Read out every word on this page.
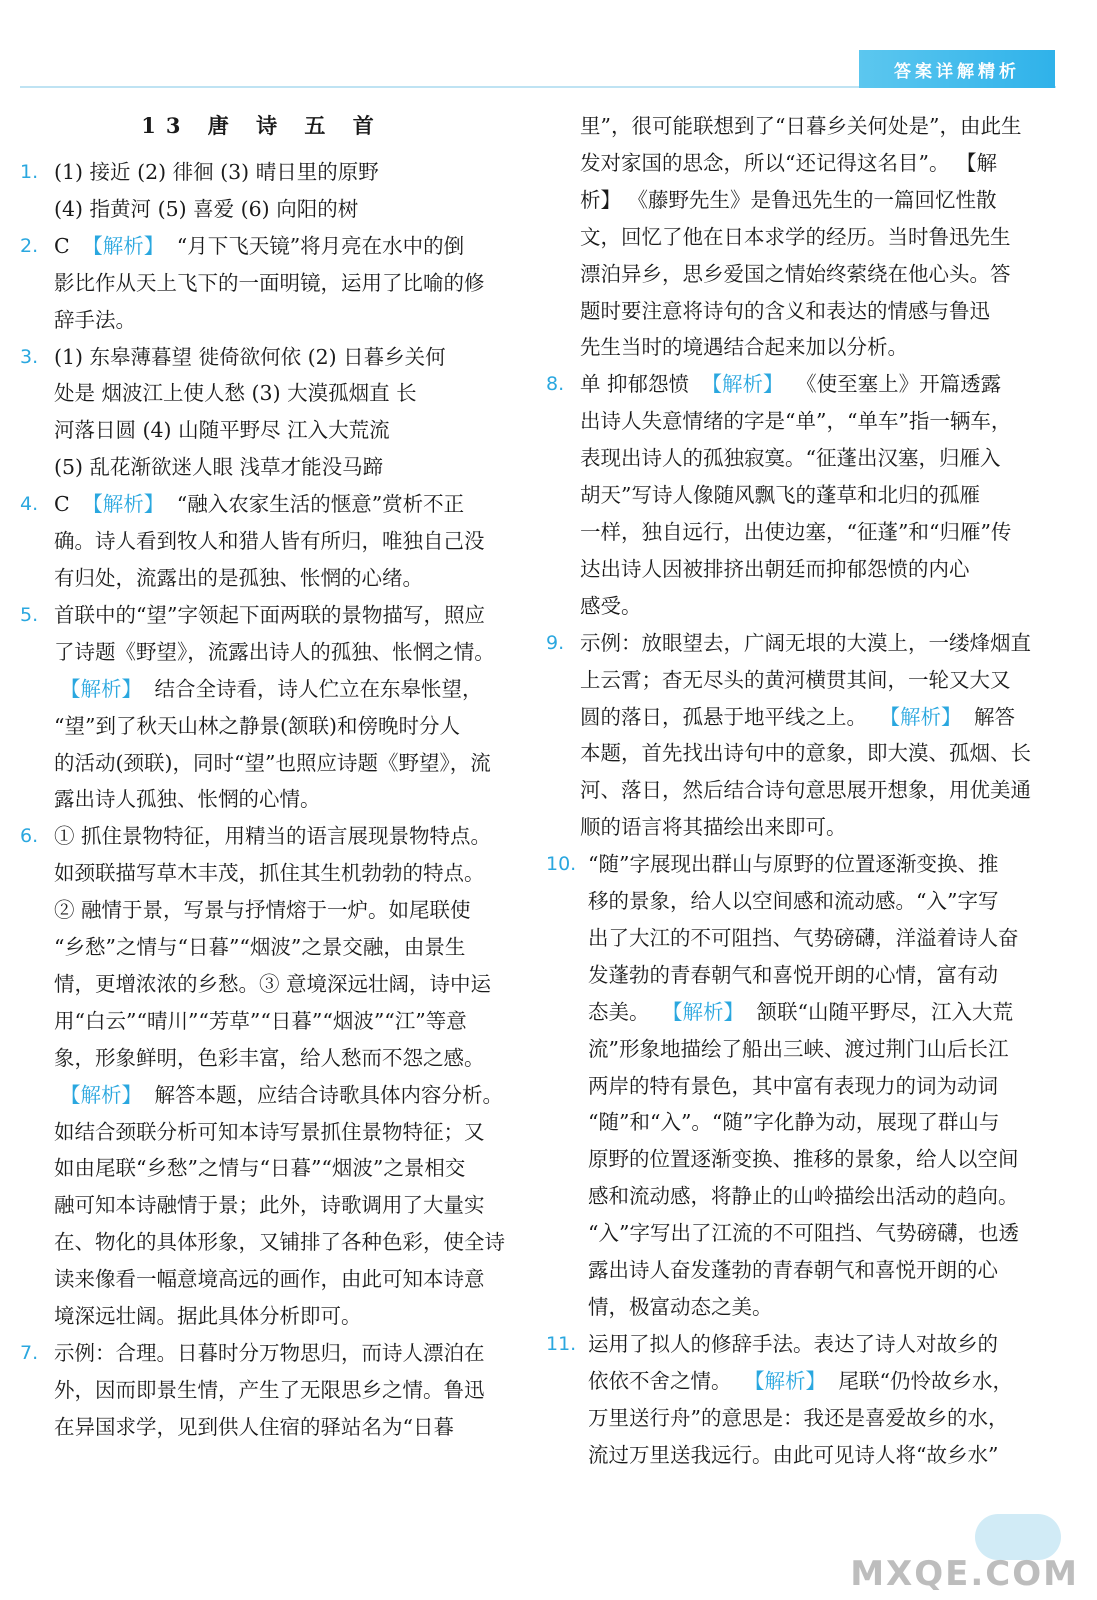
答案详解精析
13 唐 诗 五 首
1. (1) 接近 (2) 徘徊 (3) 晴日里的原野
(4) 指黄河 (5) 喜爱 (6) 向阳的树
2. C 【解析】 “月下飞天镜”将月亮在水中的倒
影比作从天上飞下的一面明镜，运用了比喻的修
辞手法。
3. (1) 东皋薄暮望 徙倚欲何依 (2) 日暮乡关何
处是 烟波江上使人愁 (3) 大漠孤烟直 长
河落日圆 (4) 山随平野尽 江入大荒流
(5) 乱花渐欲迷人眼 浅草才能没马蹄
4. C 【解析】 “融入农家生活的惬意”赏析不正
确。诗人看到牧人和猎人皆有所归，唯独自己没
有归处，流露出的是孤独、怅惘的心绪。
5. 首联中的“望”字领起下面两联的景物描写，照应
了诗题《野望》，流露出诗人的孤独、怅惘之情。
【解析】 结合全诗看，诗人伫立在东皋怅望，
“望”到了秋天山林之静景(颔联)和傍晚时分人
的活动(颈联)，同时“望”也照应诗题《野望》，流
露出诗人孤独、怅惘的心情。
6. ① 抓住景物特征，用精当的语言展现景物特点。
如颈联描写草木丰茂，抓住其生机勃勃的特点。
② 融情于景，写景与抒情熔于一炉。如尾联使
“乡愁”之情与“日暮”“烟波”之景交融，由景生
情，更增浓浓的乡愁。③ 意境深远壮阔，诗中运
用“白云”“晴川”“芳草”“日暮”“烟波”“江”等意
象，形象鲜明，色彩丰富，给人愁而不怨之感。
【解析】 解答本题，应结合诗歌具体内容分析。
如结合颈联分析可知本诗写景抓住景物特征；又
如由尾联“乡愁”之情与“日暮”“烟波”之景相交
融可知本诗融情于景；此外，诗歌调用了大量实
在、物化的具体形象，又铺排了各种色彩，使全诗
读来像看一幅意境高远的画作，由此可知本诗意
境深远壮阔。据此具体分析即可。
7. 示例：合理。日暮时分万物思归，而诗人漂泊在
外，因而即景生情，产生了无限思乡之情。鲁迅
在异国求学，见到供人住宿的驿站名为“日暮
里”，很可能联想到了“日暮乡关何处是”，由此生
发对家国的思念，所以“还记得这名目”。 【解
析】 《藤野先生》是鲁迅先生的一篇回忆性散
文，回忆了他在日本求学的经历。当时鲁迅先生
漂泊异乡，思乡爱国之情始终萦绕在他心头。答
题时要注意将诗句的含义和表达的情感与鲁迅
先生当时的境遇结合起来加以分析。
8. 单 抑郁怨愤 【解析】 《使至塞上》开篇透露
出诗人失意情绪的字是“单”，“单车”指一辆车，
表现出诗人的孤独寂寞。“征蓬出汉塞，归雁入
胡天”写诗人像随风飘飞的蓬草和北归的孤雁
一样，独自远行，出使边塞，“征蓬”和“归雁”传
达出诗人因被排挤出朝廷而抑郁怨愤的内心
感受。
9. 示例：放眼望去，广阔无垠的大漠上，一缕烽烟直
上云霄；杳无尽头的黄河横贯其间，一轮又大又
圆的落日，孤悬于地平线之上。 【解析】 解答
本题，首先找出诗句中的意象，即大漠、孤烟、长
河、落日，然后结合诗句意思展开想象，用优美通
顺的语言将其描绘出来即可。
10. “随”字展现出群山与原野的位置逐渐变换、推
移的景象，给人以空间感和流动感。“入”字写
出了大江的不可阻挡、气势磅礴，洋溢着诗人奋
发蓬勃的青春朝气和喜悦开朗的心情，富有动
态美。 【解析】 颔联“山随平野尽，江入大荒
流”形象地描绘了船出三峡、渡过荆门山后长江
两岸的特有景色，其中富有表现力的词为动词
“随”和“入”。“随”字化静为动，展现了群山与
原野的位置逐渐变换、推移的景象，给人以空间
感和流动感，将静止的山岭描绘出活动的趋向。
“入”字写出了江流的不可阻挡、气势磅礴，也透
露出诗人奋发蓬勃的青春朝气和喜悦开朗的心
情，极富动态之美。
11. 运用了拟人的修辞手法。表达了诗人对故乡的
依依不舍之情。 【解析】 尾联“仍怜故乡水，
万里送行舟”的意思是：我还是喜爱故乡的水，
流过万里送我远行。由此可见诗人将“故乡水”
MXQE.COM
